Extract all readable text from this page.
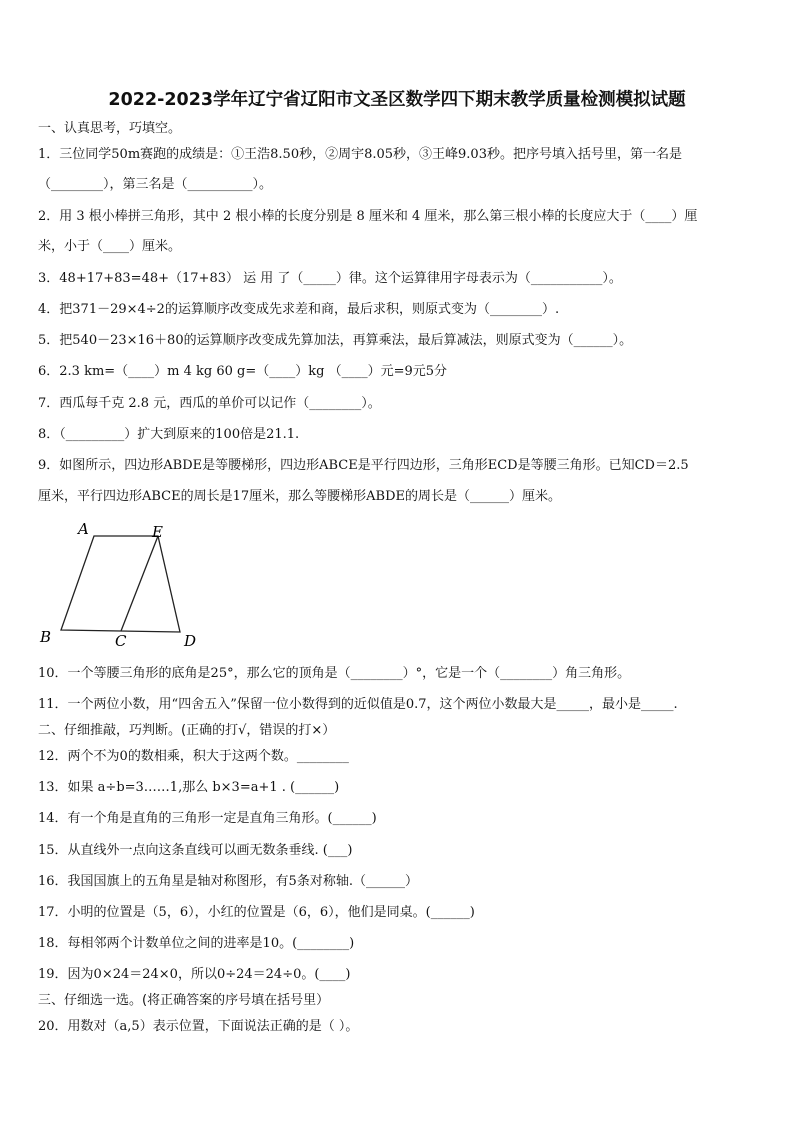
2022-2023学年辽宁省辽阳市文圣区数学四下期末教学质量检测模拟试题
一、认真思考，巧填空。
1．三位同学50m赛跑的成绩是：①王浩8.50秒，②周宇8.05秒，③王峰9.03秒。把序号填入括号里，第一名是
（________），第三名是（__________）。
2．用 3 根小棒拼三角形，其中 2 根小棒的长度分别是 8 厘米和 4 厘米，那么第三根小棒的长度应大于（____）厘
米，小于（____）厘米。
3．48+17+83=48+（17+83） 运 用 了（_____）律。这个运算律用字母表示为（___________）。
4．把371－29×4÷2的运算顺序改变成先求差和商，最后求积，则原式变为（________）.
5．把540－23×16＋80的运算顺序改变成先算加法，再算乘法，最后算减法，则原式变为（______）。
6．2.3 km=（____）m 4 kg 60 g=（____）kg （____）元=9元5分
7．西瓜每千克 2.8 元，西瓜的单价可以记作（________）。
8．（_________）扩大到原来的100倍是21.1.
9．如图所示，四边形ABDE是等腰梯形，四边形ABCE是平行四边形，三角形ECD是等腰三角形。已知CD＝2.5
厘米，平行四边形ABCE的周长是17厘米，那么等腰梯形ABDE的周长是（______）厘米。
A	E
B	C	D
10．一个等腰三角形的底角是25°，那么它的顶角是（________）°，它是一个（________）角三角形。
11．一个两位小数，用“四舍五入”保留一位小数得到的近似值是0.7，这个两位小数最大是_____，最小是_____.
二、仔细推敲，巧判断。(正确的打√，错误的打×）
12．两个不为0的数相乘，积大于这两个数。________
13．如果 a÷b=3……1,那么 b×3=a+1 . (______)
14．有一个角是直角的三角形一定是直角三角形。(______)
15．从直线外一点向这条直线可以画无数条垂线. (___)
16．我国国旗上的五角星是轴对称图形，有5条对称轴.（______）
17．小明的位置是（5，6），小红的位置是（6，6），他们是同桌。(______)
18．每相邻两个计数单位之间的进率是10。(________)
19．因为0×24＝24×0，所以0÷24＝24÷0。(____)
三、仔细选一选。(将正确答案的序号填在括号里）
20．用数对（a,5）表示位置，下面说法正确的是（ ）。
